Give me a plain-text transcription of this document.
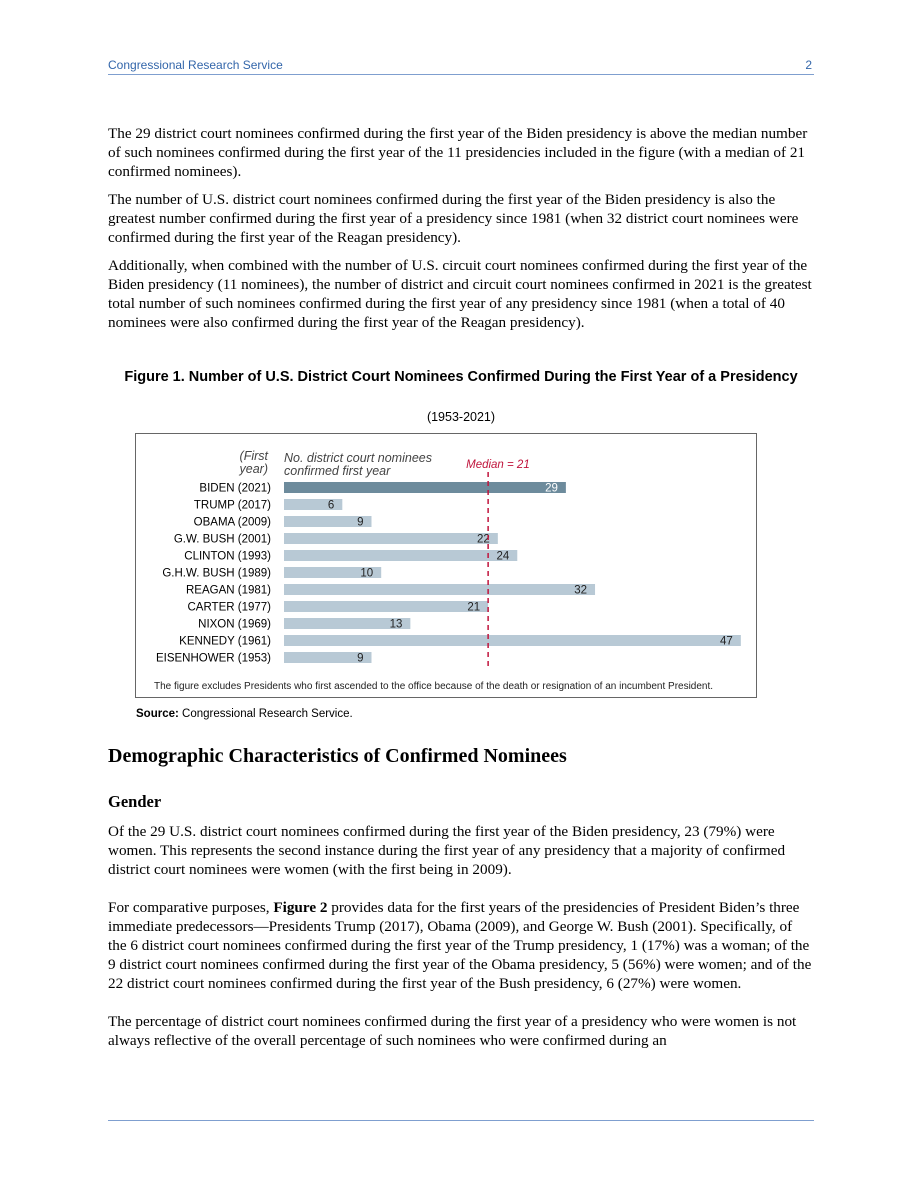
Congressional Research Service	2

The 29 district court nominees confirmed during the first year of the Biden presidency is above the median number of such nominees confirmed during the first year of the 11 presidencies included in the figure (with a median of 21 confirmed nominees).

The number of U.S. district court nominees confirmed during the first year of the Biden presidency is also the greatest number confirmed during the first year of a presidency since 1981 (when 32 district court nominees were confirmed during the first year of the Reagan presidency).

Additionally, when combined with the number of U.S. circuit court nominees confirmed during the first year of the Biden presidency (11 nominees), the number of district and circuit court nominees confirmed in 2021 is the greatest total number of such nominees confirmed during the first year of any presidency since 1981 (when a total of 40 nominees were also confirmed during the first year of the Reagan presidency).

Figure 1. Number of U.S. District Court Nominees Confirmed During the First Year of a Presidency
(1953-2021)
(First
year)
No. district court nominees
confirmed first year	Median = 21
BIDEN (2021)	29
TRUMP (2017)	6
OBAMA (2009)	9
G.W. BUSH (2001)	22
CLINTON (1993)	24
G.H.W. BUSH (1989)	10
REAGAN (1981)	32
CARTER (1977)	21
NIXON (1969)	13
KENNEDY (1961)	47
EISENHOWER (1953)	9
The figure excludes Presidents who first ascended to the office because of the death or resignation of an incumbent President.
Source: Congressional Research Service.
Demographic Characteristics of Confirmed Nominees
Gender

Of the 29 U.S. district court nominees confirmed during the first year of the Biden presidency, 23 (79%) were women. This represents the second instance during the first year of any presidency that a majority of confirmed district court nominees were women (with the first being in 2009).

For comparative purposes, Figure 2 provides data for the first years of the presidencies of President Biden’s three immediate predecessors—Presidents Trump (2017), Obama (2009), and George W. Bush (2001). Specifically, of the 6 district court nominees confirmed during the first year of the Trump presidency, 1 (17%) was a woman; of the 9 district court nominees confirmed during the first year of the Obama presidency, 5 (56%) were women; and of the 22 district court nominees confirmed during the first year of the Bush presidency, 6 (27%) were women.

The percentage of district court nominees confirmed during the first year of a presidency who were women is not always reflective of the overall percentage of such nominees who were confirmed during an
